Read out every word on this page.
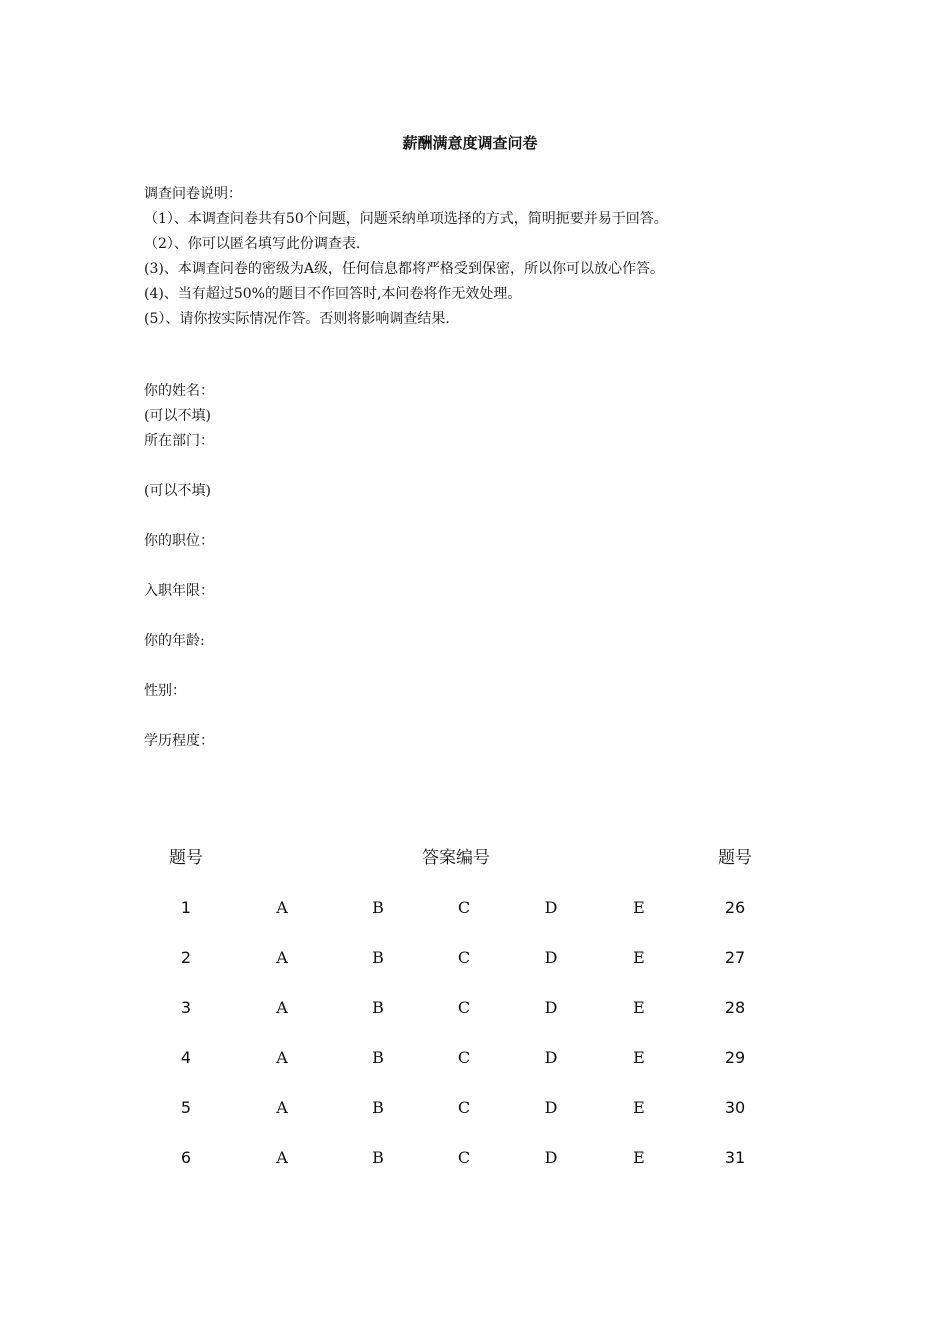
薪酬满意度调查问卷
调查问卷说明：
（1）、本调查问卷共有50个问题，问题采纳单项选择的方式，简明扼要并易于回答。
（2）、你可以匿名填写此份调查表.
(3)、本调查问卷的密级为A级，任何信息都将严格受到保密，所以你可以放心作答。
(4)、当有超过50%的题目不作回答时,本问卷将作无效处理。
(5）、请你按实际情况作答。否则将影响调查结果.
你的姓名：
(可以不填)
所在部门：
(可以不填)
你的职位：
入职年限：
你的年龄:
性别：
学历程度：
题号	答案编号	题号
1	A	B	C	D	E	26
2	A	B	C	D	E	27
3	A	B	C	D	E	28
4	A	B	C	D	E	29
5	A	B	C	D	E	30
6	A	B	C	D	E	31
